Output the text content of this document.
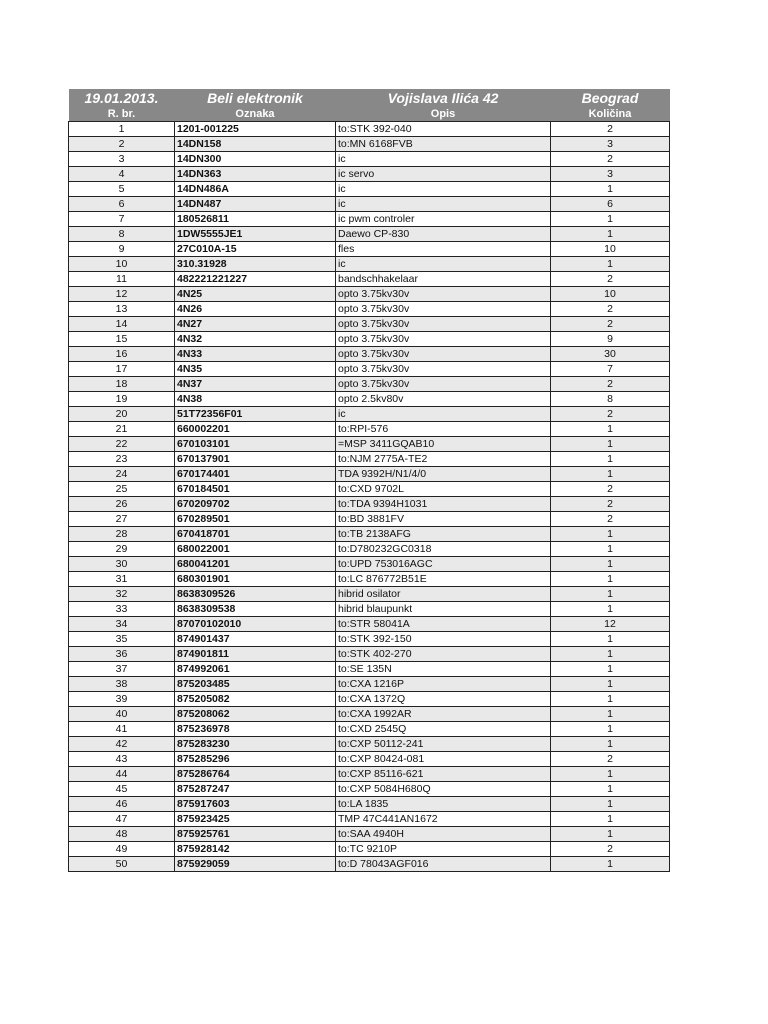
19.01.2013.	Beli elektronik	Vojislava Ilića 42	Beograd
R. br.	Oznaka	Opis	Količina
1	1201-001225	to:STK 392-040	2
2	14DN158	to:MN 6168FVB	3
3	14DN300	ic	2
4	14DN363	ic servo	3
5	14DN486A	ic	1
6	14DN487	ic	6
7	180526811	ic pwm controler	1
8	1DW5555JE1	Daewo CP-830	1
9	27C010A-15	fles	10
10	310.31928	ic	1
11	482221221227	bandschhakelaar	2
12	4N25	opto 3.75kv30v	10
13	4N26	opto 3.75kv30v	2
14	4N27	opto 3.75kv30v	2
15	4N32	opto 3.75kv30v	9
16	4N33	opto 3.75kv30v	30
17	4N35	opto 3.75kv30v	7
18	4N37	opto 3.75kv30v	2
19	4N38	opto 2.5kv80v	8
20	51T72356F01	ic	2
21	660002201	to:RPI-576	1
22	670103101	=MSP 3411GQAB10	1
23	670137901	to:NJM 2775A-TE2	1
24	670174401	TDA 9392H/N1/4/0	1
25	670184501	to:CXD 9702L	2
26	670209702	to:TDA 9394H1031	2
27	670289501	to:BD 3881FV	2
28	670418701	to:TB 2138AFG	1
29	680022001	to:D780232GC0318	1
30	680041201	to:UPD 753016AGC	1
31	680301901	to:LC 876772B51E	1
32	8638309526	hibrid osilator	1
33	8638309538	hibrid blaupunkt	1
34	87070102010	to:STR 58041A	12
35	874901437	to:STK 392-150	1
36	874901811	to:STK 402-270	1
37	874992061	to:SE 135N	1
38	875203485	to:CXA 1216P	1
39	875205082	to:CXA 1372Q	1
40	875208062	to:CXA 1992AR	1
41	875236978	to:CXD 2545Q	1
42	875283230	to:CXP 50112-241	1
43	875285296	to:CXP 80424-081	2
44	875286764	to:CXP 85116-621	1
45	875287247	to:CXP 5084H680Q	1
46	875917603	to:LA 1835	1
47	875923425	TMP 47C441AN1672	1
48	875925761	to:SAA 4940H	1
49	875928142	to:TC 9210P	2
50	875929059	to:D 78043AGF016	1
